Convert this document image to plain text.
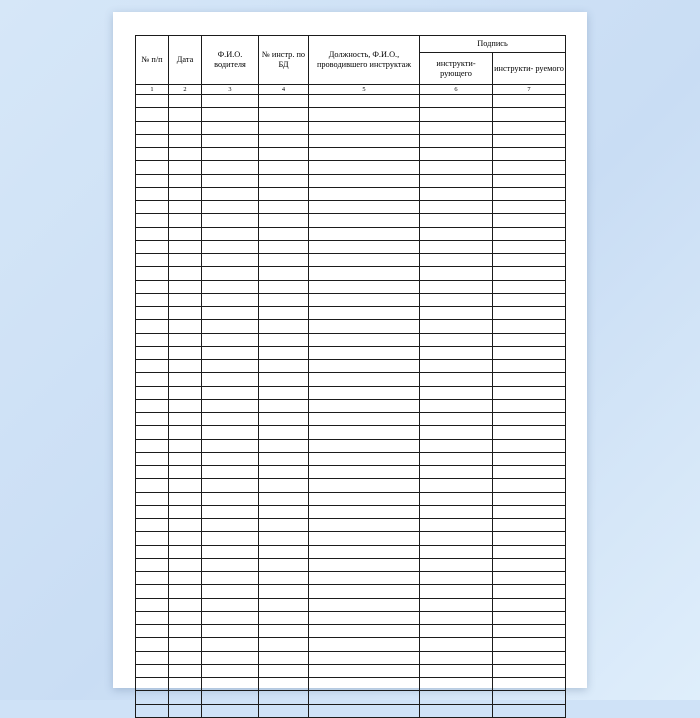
№ п/п	Дата	Ф.И.О. водителя	№ инстр. по БД	Должность, Ф.И.О., проводившего инструктаж	Подпись	
					инструкти- рующего	инструкти- руемого
1	2	3	4	5	6	7
